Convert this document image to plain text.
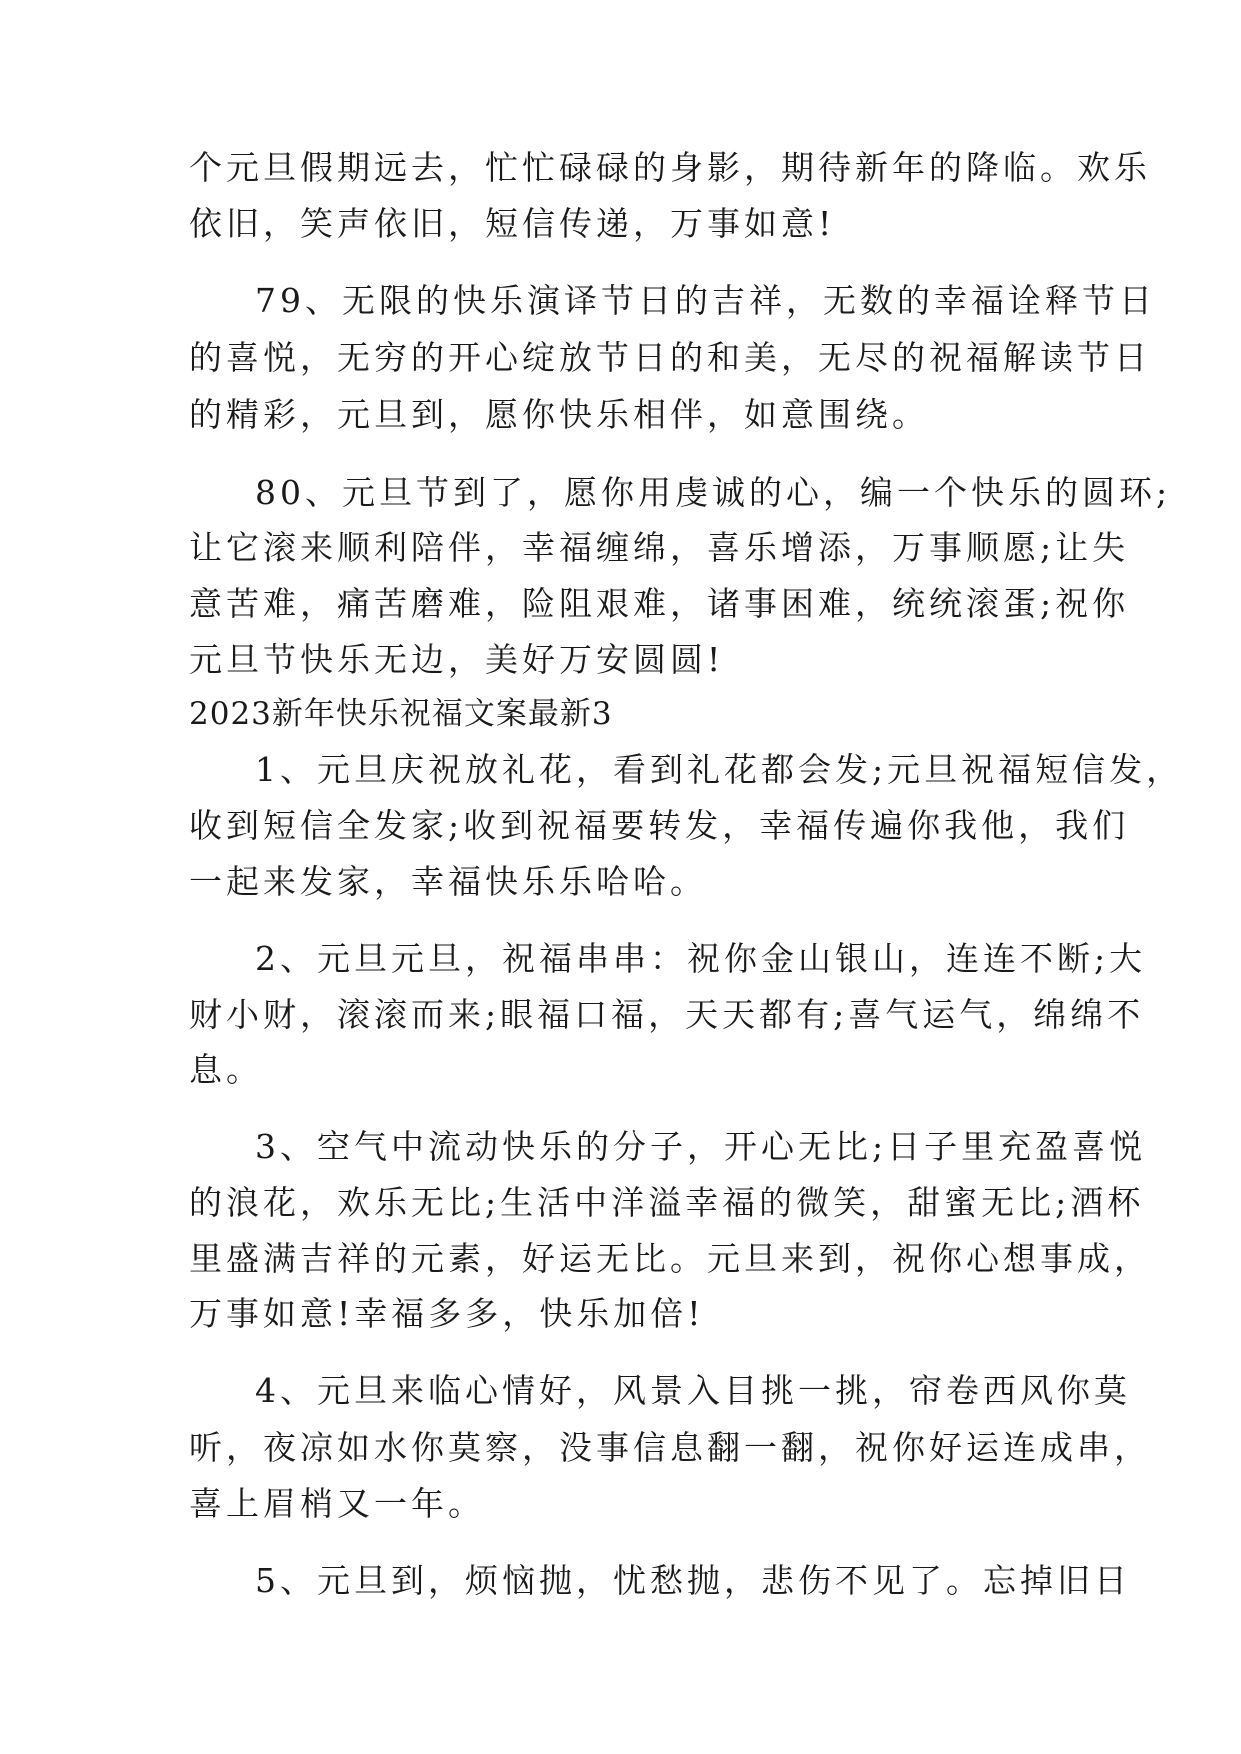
个元旦假期远去，忙忙碌碌的身影，期待新年的降临。欢乐
依旧，笑声依旧，短信传递，万事如意!
79、无限的快乐演译节日的吉祥，无数的幸福诠释节日
的喜悦，无穷的开心绽放节日的和美，无尽的祝福解读节日
的精彩，元旦到，愿你快乐相伴，如意围绕。
80、元旦节到了，愿你用虔诚的心，编一个快乐的圆环;
让它滚来顺利陪伴，幸福缠绵，喜乐增添，万事顺愿;让失
意苦难，痛苦磨难，险阻艰难，诸事困难，统统滚蛋;祝你
元旦节快乐无边，美好万安圆圆!
2023新年快乐祝福文案最新3
1、元旦庆祝放礼花，看到礼花都会发;元旦祝福短信发，
收到短信全发家;收到祝福要转发，幸福传遍你我他，我们
一起来发家，幸福快乐乐哈哈。
2、元旦元旦，祝福串串：祝你金山银山，连连不断;大
财小财，滚滚而来;眼福口福，天天都有;喜气运气，绵绵不
息。
3、空气中流动快乐的分子，开心无比;日子里充盈喜悦
的浪花，欢乐无比;生活中洋溢幸福的微笑，甜蜜无比;酒杯
里盛满吉祥的元素，好运无比。元旦来到，祝你心想事成，
万事如意!幸福多多，快乐加倍!
4、元旦来临心情好，风景入目挑一挑，帘卷西风你莫
听，夜凉如水你莫察，没事信息翻一翻，祝你好运连成串，
喜上眉梢又一年。
5、元旦到，烦恼抛，忧愁抛，悲伤不见了。忘掉旧日
